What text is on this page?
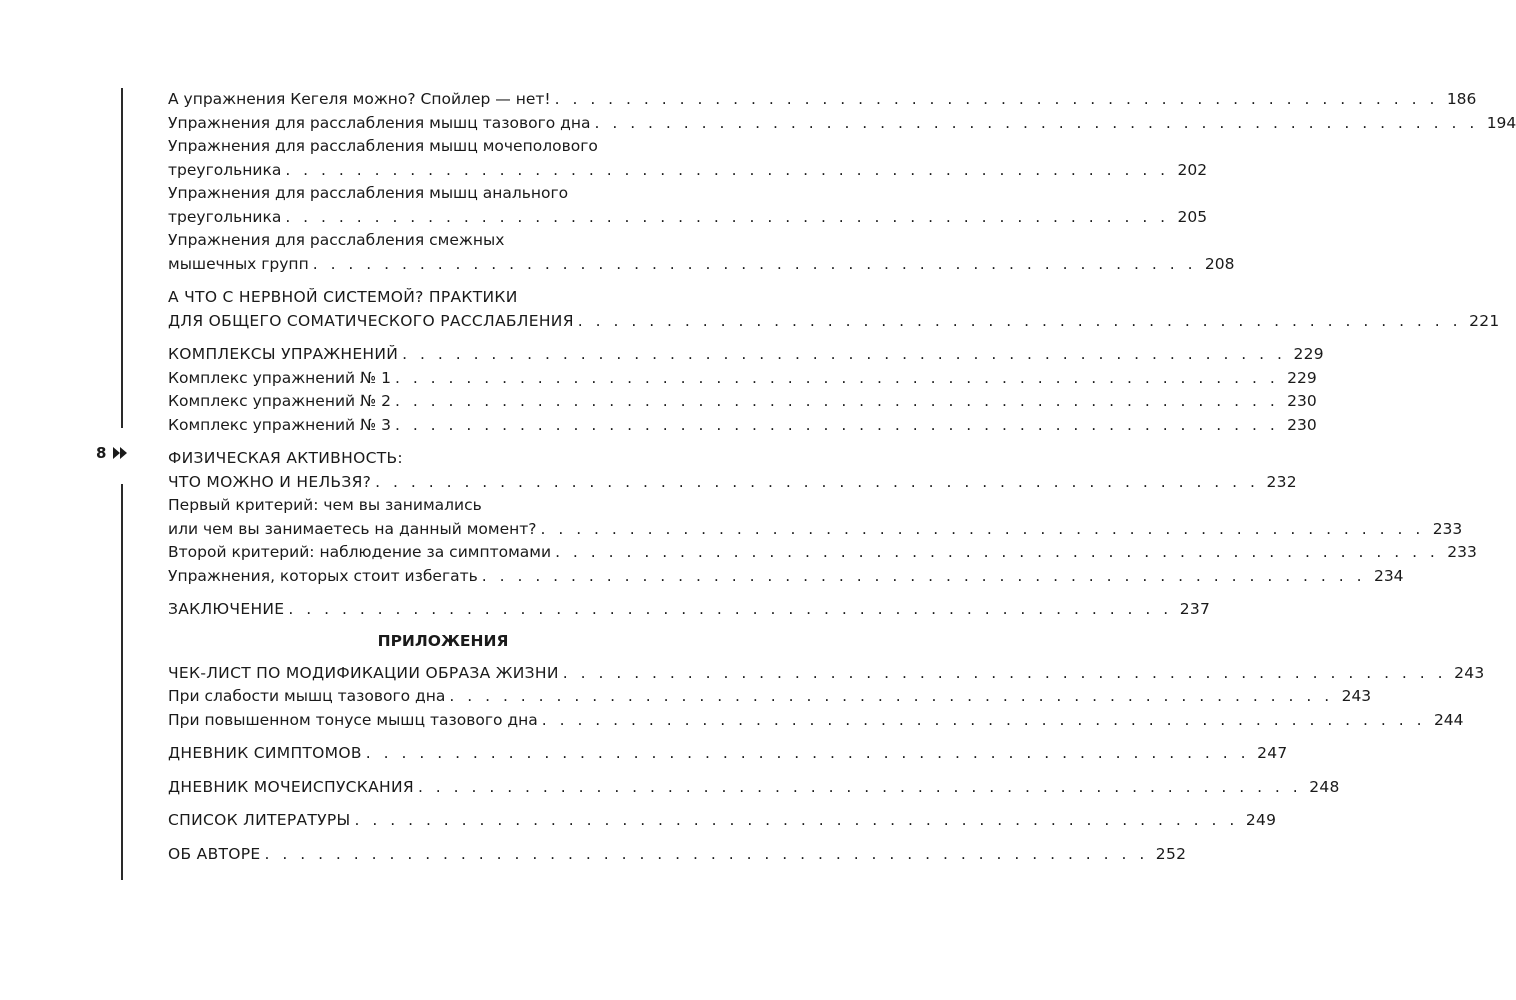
8
А упражнения Кегеля можно? Спойлер — нет! . . . . . . . . . . . . . . . . . . . . . . . . . . . . . . . . . . . . . . . . . . . . . . . . . . 186
Упражнения для расслабления мышц тазового дна . . . . . . . . . . . . . . . . . . . . . . . . . . . . . . . . . . . . . . . . . . . . . . . . . . 194
Упражнения для расслабления мышц мочеполового
треугольника . . . . . . . . . . . . . . . . . . . . . . . . . . . . . . . . . . . . . . . . . . . . . . . . . . 202
Упражнения для расслабления мышц анального
треугольника . . . . . . . . . . . . . . . . . . . . . . . . . . . . . . . . . . . . . . . . . . . . . . . . . . 205
Упражнения для расслабления смежных
мышечных групп . . . . . . . . . . . . . . . . . . . . . . . . . . . . . . . . . . . . . . . . . . . . . . . . . . 208
А ЧТО С НЕРВНОЙ СИСТЕМОЙ? ПРАКТИКИ
ДЛЯ ОБЩЕГО СОМАТИЧЕСКОГО РАССЛАБЛЕНИЯ . . . . . . . . . . . . . . . . . . . . . . . . . . . . . . . . . . . . . . . . . . . . . . . . . . 221
КОМПЛЕКСЫ УПРАЖНЕНИЙ . . . . . . . . . . . . . . . . . . . . . . . . . . . . . . . . . . . . . . . . . . . . . . . . . . 229
Комплекс упражнений № 1 . . . . . . . . . . . . . . . . . . . . . . . . . . . . . . . . . . . . . . . . . . . . . . . . . . 229
Комплекс упражнений № 2 . . . . . . . . . . . . . . . . . . . . . . . . . . . . . . . . . . . . . . . . . . . . . . . . . . 230
Комплекс упражнений № 3 . . . . . . . . . . . . . . . . . . . . . . . . . . . . . . . . . . . . . . . . . . . . . . . . . . 230
ФИЗИЧЕСКАЯ АКТИВНОСТЬ:
ЧТО МОЖНО И НЕЛЬЗЯ? . . . . . . . . . . . . . . . . . . . . . . . . . . . . . . . . . . . . . . . . . . . . . . . . . . 232
Первый критерий: чем вы занимались
или чем вы занимаетесь на данный момент? . . . . . . . . . . . . . . . . . . . . . . . . . . . . . . . . . . . . . . . . . . . . . . . . . . 233
Второй критерий: наблюдение за симптомами . . . . . . . . . . . . . . . . . . . . . . . . . . . . . . . . . . . . . . . . . . . . . . . . . . 233
Упражнения, которых стоит избегать . . . . . . . . . . . . . . . . . . . . . . . . . . . . . . . . . . . . . . . . . . . . . . . . . . 234
ЗАКЛЮЧЕНИЕ . . . . . . . . . . . . . . . . . . . . . . . . . . . . . . . . . . . . . . . . . . . . . . . . . . 237
ПРИЛОЖЕНИЯ
ЧЕК-ЛИСТ ПО МОДИФИКАЦИИ ОБРАЗА ЖИЗНИ . . . . . . . . . . . . . . . . . . . . . . . . . . . . . . . . . . . . . . . . . . . . . . . . . . 243
При слабости мышц тазового дна . . . . . . . . . . . . . . . . . . . . . . . . . . . . . . . . . . . . . . . . . . . . . . . . . . 243
При повышенном тонусе мышц тазового дна . . . . . . . . . . . . . . . . . . . . . . . . . . . . . . . . . . . . . . . . . . . . . . . . . . 244
ДНЕВНИК СИМПТОМОВ . . . . . . . . . . . . . . . . . . . . . . . . . . . . . . . . . . . . . . . . . . . . . . . . . . 247
ДНЕВНИК МОЧЕИСПУСКАНИЯ . . . . . . . . . . . . . . . . . . . . . . . . . . . . . . . . . . . . . . . . . . . . . . . . . . 248
СПИСОК ЛИТЕРАТУРЫ . . . . . . . . . . . . . . . . . . . . . . . . . . . . . . . . . . . . . . . . . . . . . . . . . . 249
ОБ АВТОРЕ . . . . . . . . . . . . . . . . . . . . . . . . . . . . . . . . . . . . . . . . . . . . . . . . . . 252
